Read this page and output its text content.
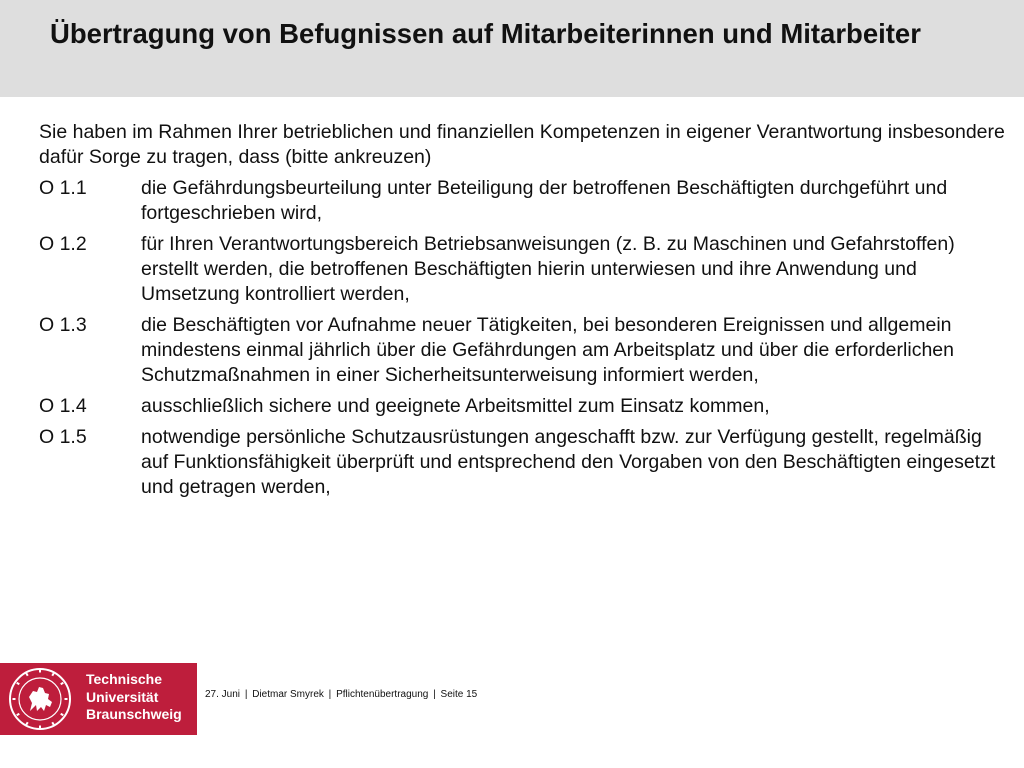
Übertragung von Befugnissen auf Mitarbeiterinnen und Mitarbeiter

Sie haben im Rahmen Ihrer betrieblichen und finanziellen Kompetenzen in eigener Verantwortung insbesondere dafür Sorge zu tragen, dass (bitte ankreuzen)

O 1.1	die Gefährdungsbeurteilung unter Beteiligung der betroffenen Beschäftigten durchgeführt und fortgeschrieben wird,
O 1.2	für Ihren Verantwortungsbereich Betriebsanweisungen (z. B. zu Maschinen und Gefahrstoffen) erstellt werden, die betroffenen Beschäftigten hierin unterwiesen und ihre Anwendung und Umsetzung kontrolliert werden,
O 1.3	die Beschäftigten vor Aufnahme neuer Tätigkeiten, bei besonderen Ereignissen und allgemein mindestens einmal jährlich über die Gefährdungen am Arbeitsplatz und über die erforderlichen Schutzmaßnahmen in einer Sicherheitsunterweisung informiert werden,
O 1.4	ausschließlich sichere und geeignete Arbeitsmittel zum Einsatz kommen,
O 1.5	notwendige persönliche Schutzausrüstungen angeschafft bzw. zur Verfügung gestellt, regelmäßig auf Funktionsfähigkeit überprüft und entsprechend den Vorgaben von den Beschäftigten eingesetzt und getragen werden,
Technische
Universität
Braunschweig
27. Juni | Dietmar Smyrek | Pflichtenübertragung | Seite 15
